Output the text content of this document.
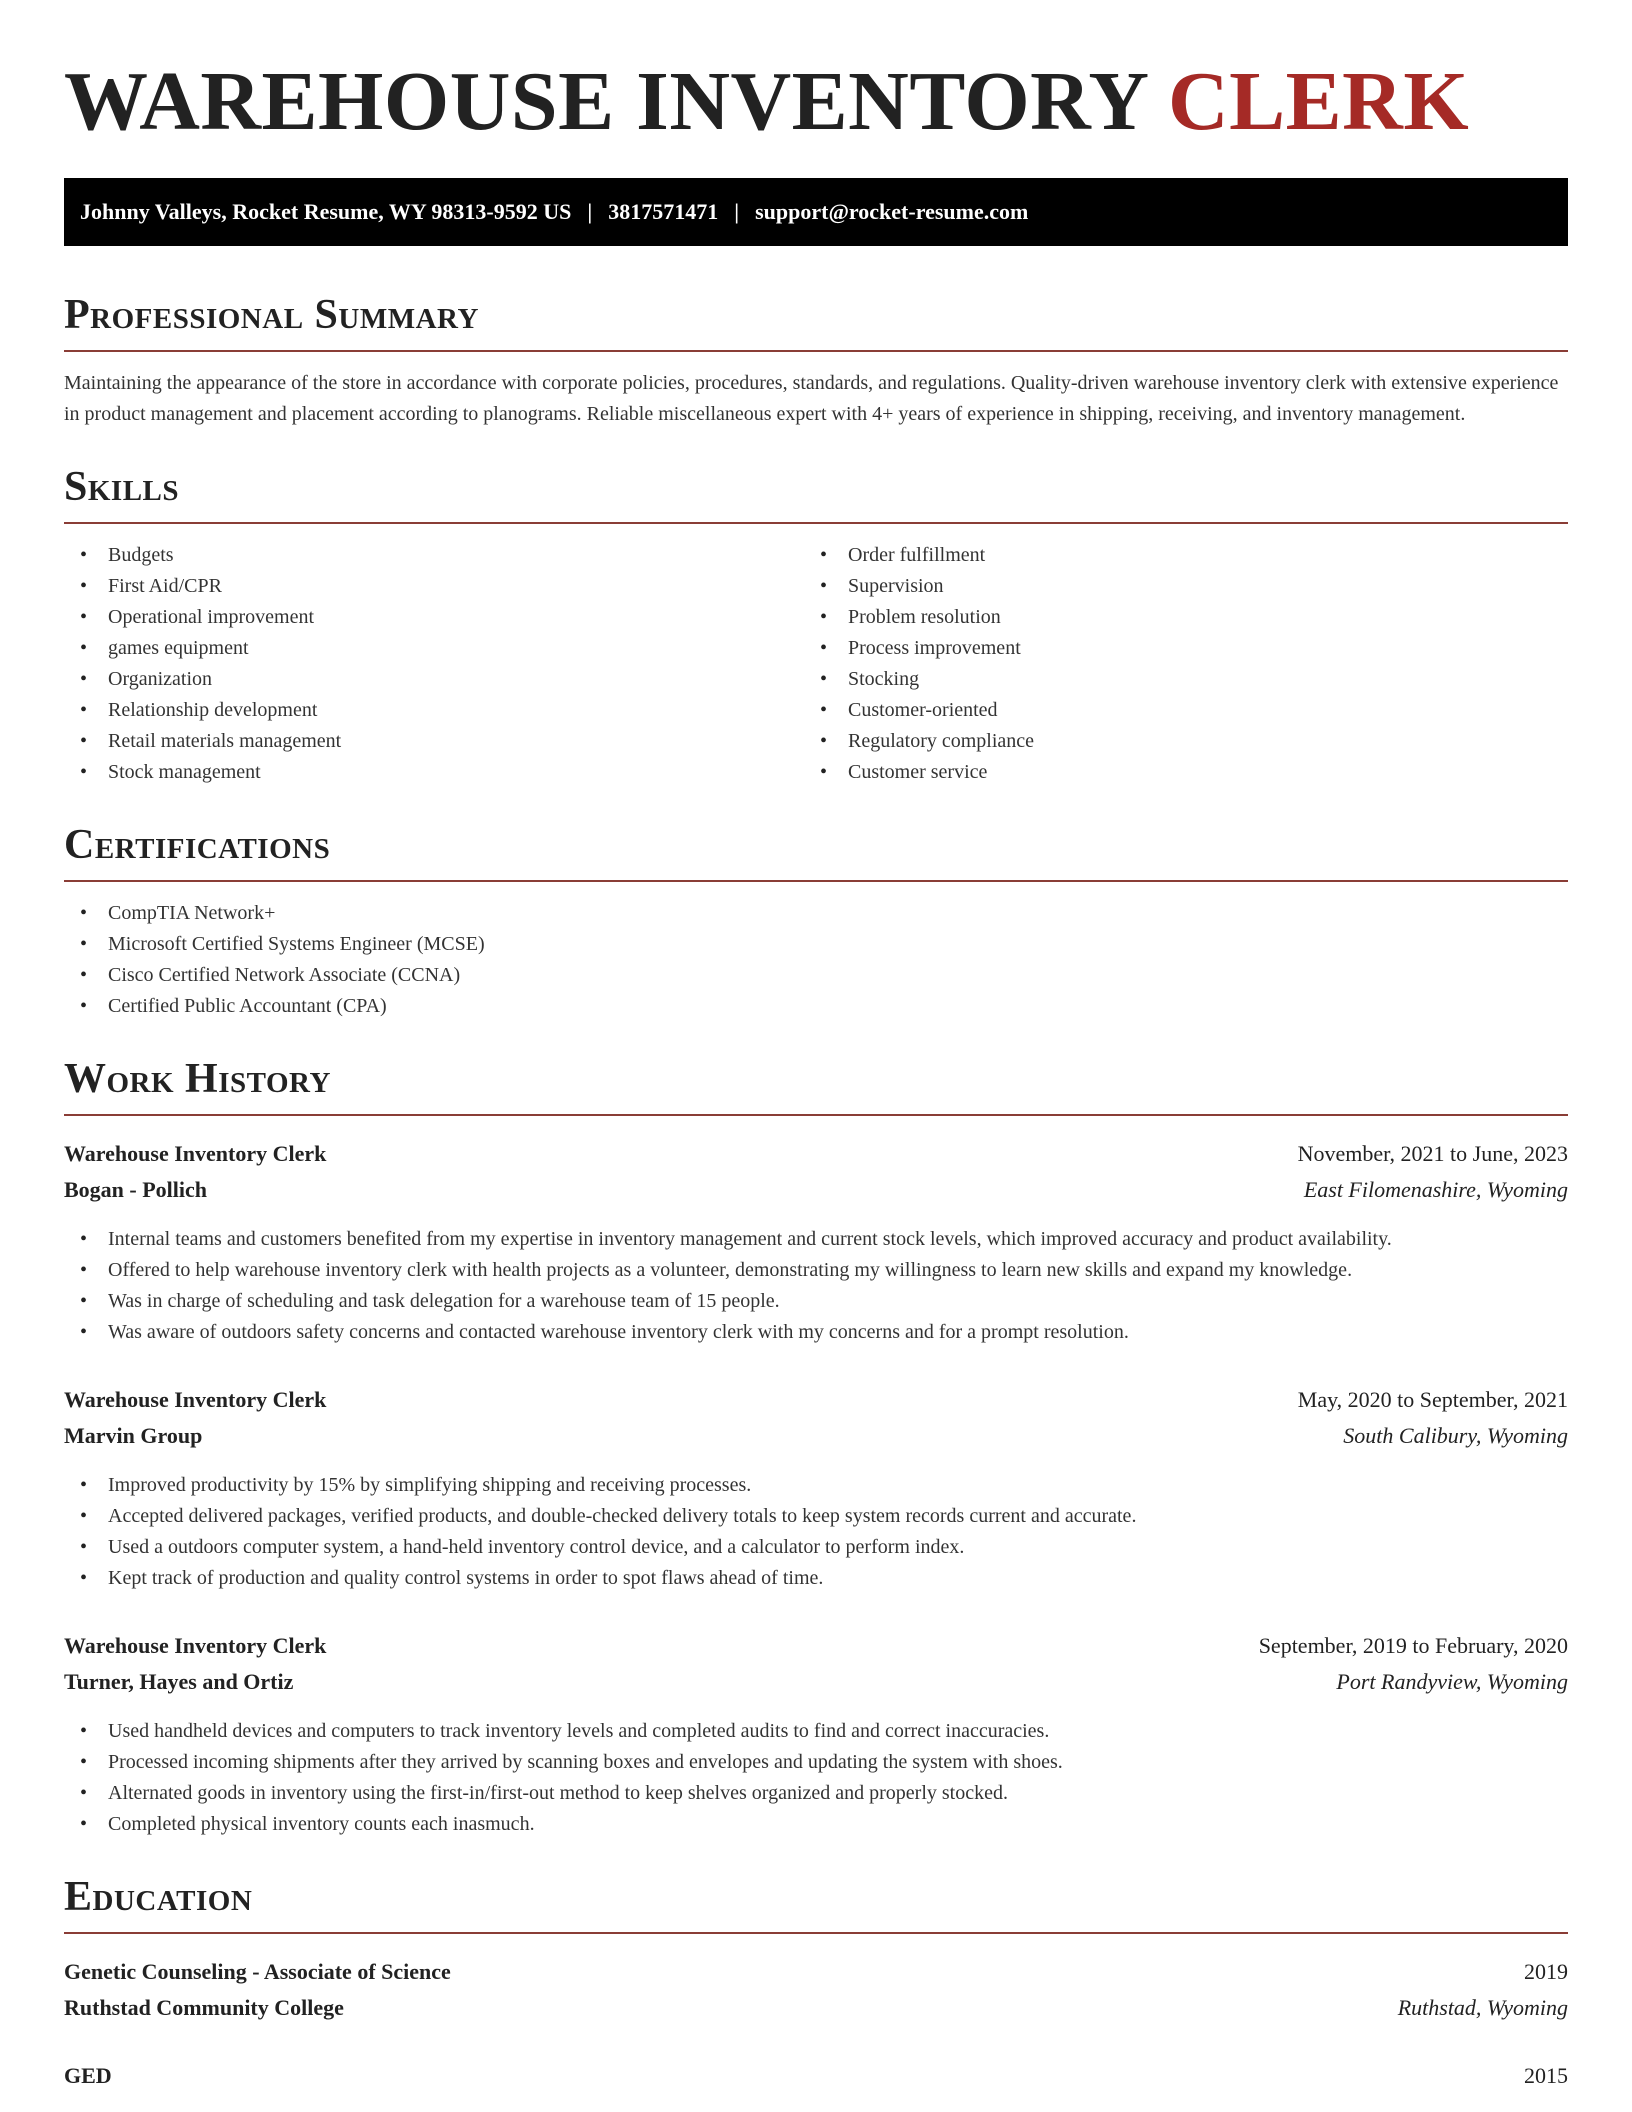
WAREHOUSE INVENTORY CLERK
Johnny Valleys, Rocket Resume, WY 98313-9592 US | 3817571471 | support@rocket-resume.com
Professional Summary

Maintaining the appearance of the store in accordance with corporate policies, procedures, standards, and regulations. Quality-driven warehouse inventory clerk with extensive experience in product management and placement according to planograms. Reliable miscellaneous expert with 4+ years of experience in shipping, receiving, and inventory management.

Skills
• Budgets
• First Aid/CPR
• Operational improvement
• games equipment
• Organization
• Relationship development
• Retail materials management
• Stock management
• Order fulfillment
• Supervision
• Problem resolution
• Process improvement
• Stocking
• Customer-oriented
• Regulatory compliance
• Customer service
Certifications
• CompTIA Network+
• Microsoft Certified Systems Engineer (MCSE)
• Cisco Certified Network Associate (CCNA)
• Certified Public Accountant (CPA)
Work History
Warehouse Inventory Clerk	November, 2021 to June, 2023
Bogan - Pollich	East Filomenashire, Wyoming
• Internal teams and customers benefited from my expertise in inventory management and current stock levels, which improved accuracy and product availability.
• Offered to help warehouse inventory clerk with health projects as a volunteer, demonstrating my willingness to learn new skills and expand my knowledge.
• Was in charge of scheduling and task delegation for a warehouse team of 15 people.
• Was aware of outdoors safety concerns and contacted warehouse inventory clerk with my concerns and for a prompt resolution.
Warehouse Inventory Clerk	May, 2020 to September, 2021
Marvin Group	South Calibury, Wyoming
• Improved productivity by 15% by simplifying shipping and receiving processes.
• Accepted delivered packages, verified products, and double-checked delivery totals to keep system records current and accurate.
• Used a outdoors computer system, a hand-held inventory control device, and a calculator to perform index.
• Kept track of production and quality control systems in order to spot flaws ahead of time.
Warehouse Inventory Clerk	September, 2019 to February, 2020
Turner, Hayes and Ortiz	Port Randyview, Wyoming
• Used handheld devices and computers to track inventory levels and completed audits to find and correct inaccuracies.
• Processed incoming shipments after they arrived by scanning boxes and envelopes and updating the system with shoes.
• Alternated goods in inventory using the first-in/first-out method to keep shelves organized and properly stocked.
• Completed physical inventory counts each inasmuch.
Education
Genetic Counseling - Associate of Science	2019
Ruthstad Community College	Ruthstad, Wyoming
GED	2015
